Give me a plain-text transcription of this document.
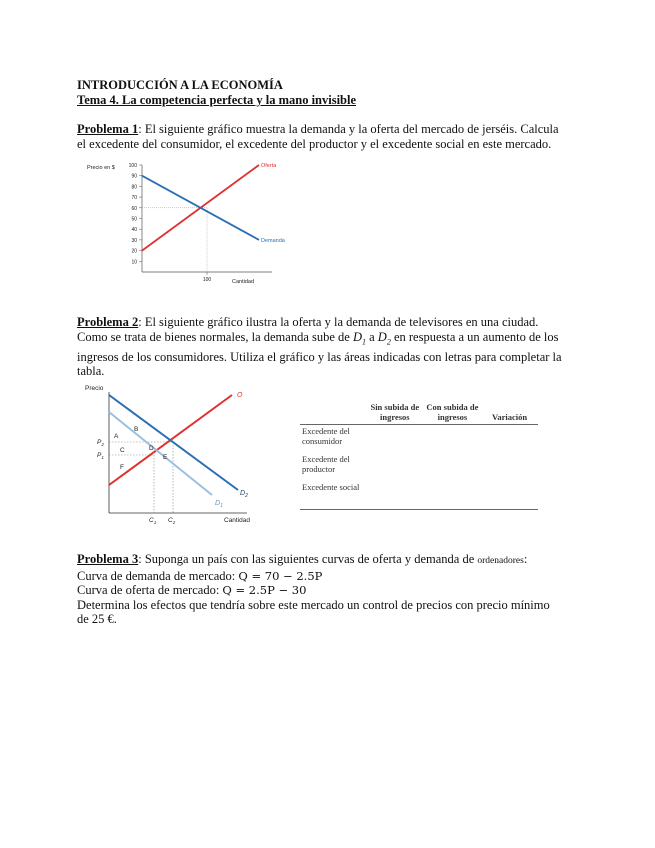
INTRODUCCIÓN A LA ECONOMÍA
Tema 4. La competencia perfecta y la mano invisible
Problema 1: El siguiente gráfico muestra la demanda y la oferta del mercado de jerséis. Calcula
el excedente del consumidor, el excedente del productor y el excedente social en este mercado.
Precio en $
Cantidad
10
20
30
40
50
60
70
80
90
100
100
Oferta
Demanda
Problema 2: El siguiente gráfico ilustra la oferta y la demanda de televisores en una ciudad.
Como se trata de bienes normales, la demanda sube de $D_1$ a $D_2$ en respuesta a un aumento de los
ingresos de los consumidores. Utiliza el gráfico y las áreas indicadas con letras para completar la
tabla.
Precio
Cantidad
O
$D_2$
$D_1$
$P_2$
$P_1$
$C_1$ $C_2$
A
B
C	D
E
F
	Sin subida de ingresos	Con subida de ingresos	Variación
Excedente del consumidor			
Excedente del productor			
Excedente social			
Problema 3: Suponga un país con las siguientes curvas de oferta y demanda de ordenadores:
Curva de demanda de mercado: Q = 70 − 2.5P
Curva de oferta de mercado: Q = 2.5P − 30
Determina los efectos que tendría sobre este mercado un control de precios con precio mínimo
de 25 €.
